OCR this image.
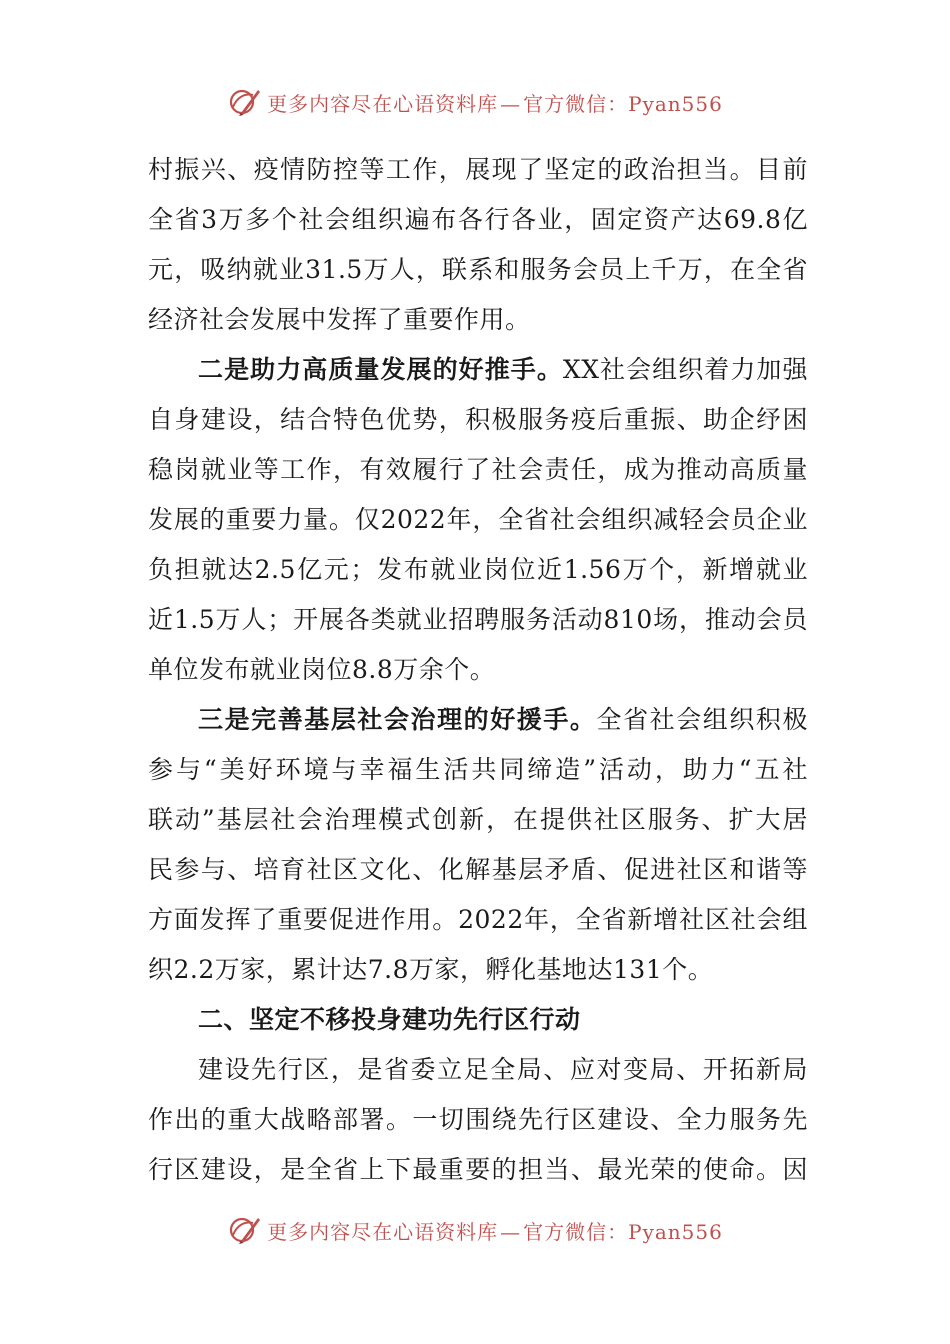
更多内容尽在心语资料库 — 官方微信：Pyan556
村振兴、疫情防控等工作，展现了坚定的政治担当。目前
全省3万多个社会组织遍布各行各业，固定资产达69.8亿
元，吸纳就业31.5万人，联系和服务会员上千万，在全省
经济社会发展中发挥了重要作用。
二是助力高质量发展的好推手。XX社会组织着力加强
自身建设，结合特色优势，积极服务疫后重振、助企纾困
稳岗就业等工作，有效履行了社会责任，成为推动高质量
发展的重要力量。仅2022年，全省社会组织减轻会员企业
负担就达2.5亿元；发布就业岗位近1.56万个，新增就业
近1.5万人；开展各类就业招聘服务活动810场，推动会员
单位发布就业岗位8.8万余个。
三是完善基层社会治理的好援手。全省社会组织积极
参与“美好环境与幸福生活共同缔造”活动，助力“五社
联动”基层社会治理模式创新，在提供社区服务、扩大居
民参与、培育社区文化、化解基层矛盾、促进社区和谐等
方面发挥了重要促进作用。2022年，全省新增社区社会组
织2.2万家，累计达7.8万家，孵化基地达131个。
二、坚定不移投身建功先行区行动
建设先行区，是省委立足全局、应对变局、开拓新局
作出的重大战略部署。一切围绕先行区建设、全力服务先
行区建设，是全省上下最重要的担当、最光荣的使命。因
更多内容尽在心语资料库 — 官方微信：Pyan556
